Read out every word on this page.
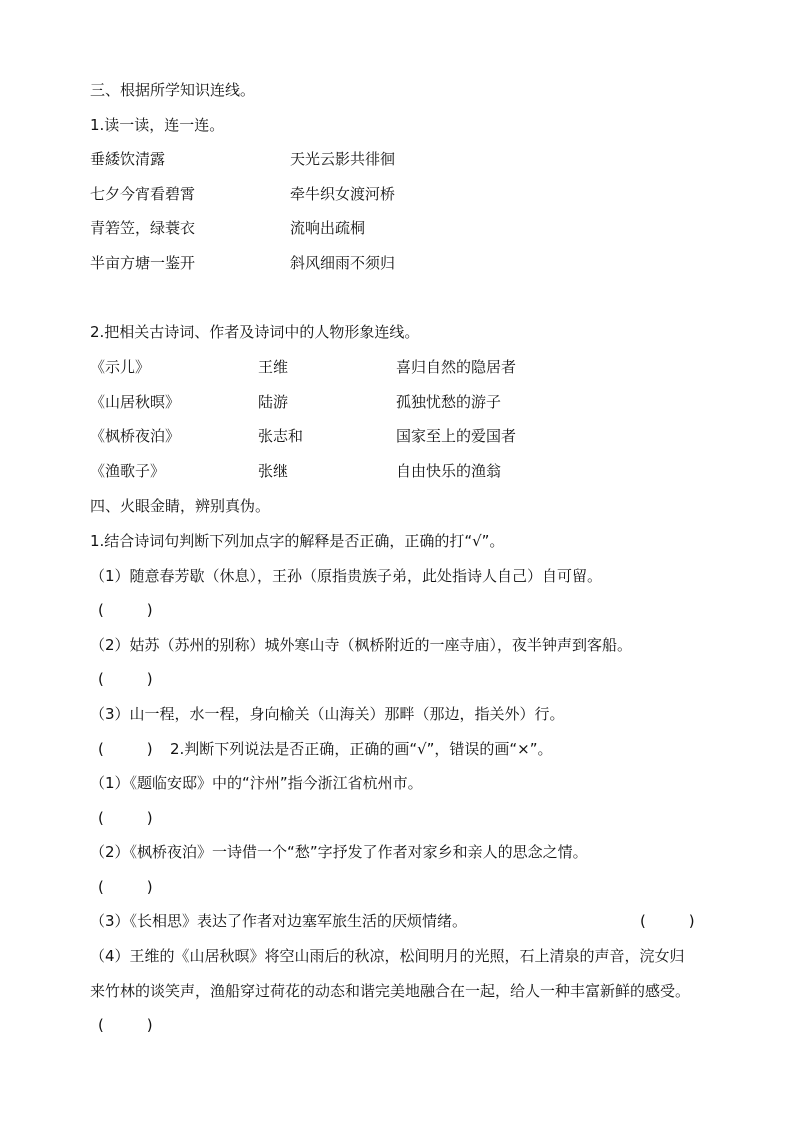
三、根据所学知识连线。
1.读一读，连一连。
垂緌饮清露	天光云影共徘徊
七夕今宵看碧霄	牵牛织女渡河桥
青箬笠，绿蓑衣	流响出疏桐
半亩方塘一鉴开	斜风细雨不须归
2.把相关古诗词、作者及诗词中的人物形象连线。
《示儿》	王维	喜归自然的隐居者
《山居秋暝》	陆游	孤独忧愁的游子
《枫桥夜泊》	张志和	国家至上的爱国者
《渔歌子》	张继	自由快乐的渔翁
四、火眼金睛，辨别真伪。
1.结合诗词句判断下列加点字的解释是否正确，正确的打“√”。
（1）随意春芳歇（休息），王孙（原指贵族子弟，此处指诗人自己）自可留。
(         )
（2）姑苏（苏州的别称）城外寒山寺（枫桥附近的一座寺庙），夜半钟声到客船。
(         )
（3）山一程，水一程，身向榆关（山海关）那畔（那边，指关外）行。
(         ) 2.判断下列说法是否正确，正确的画“√”，错误的画“×”。
（1）《题临安邸》中的“汴州”指今浙江省杭州市。
(         )
（2）《枫桥夜泊》一诗借一个“愁”字抒发了作者对家乡和亲人的思念之情。
(         )
（3）《长相思》表达了作者对边塞军旅生活的厌烦情绪。	(         )
（4）王维的《山居秋暝》将空山雨后的秋凉，松间明月的光照，石上清泉的声音，浣女归
来竹林的谈笑声，渔船穿过荷花的动态和谐完美地融合在一起，给人一种丰富新鲜的感受。
(         )
